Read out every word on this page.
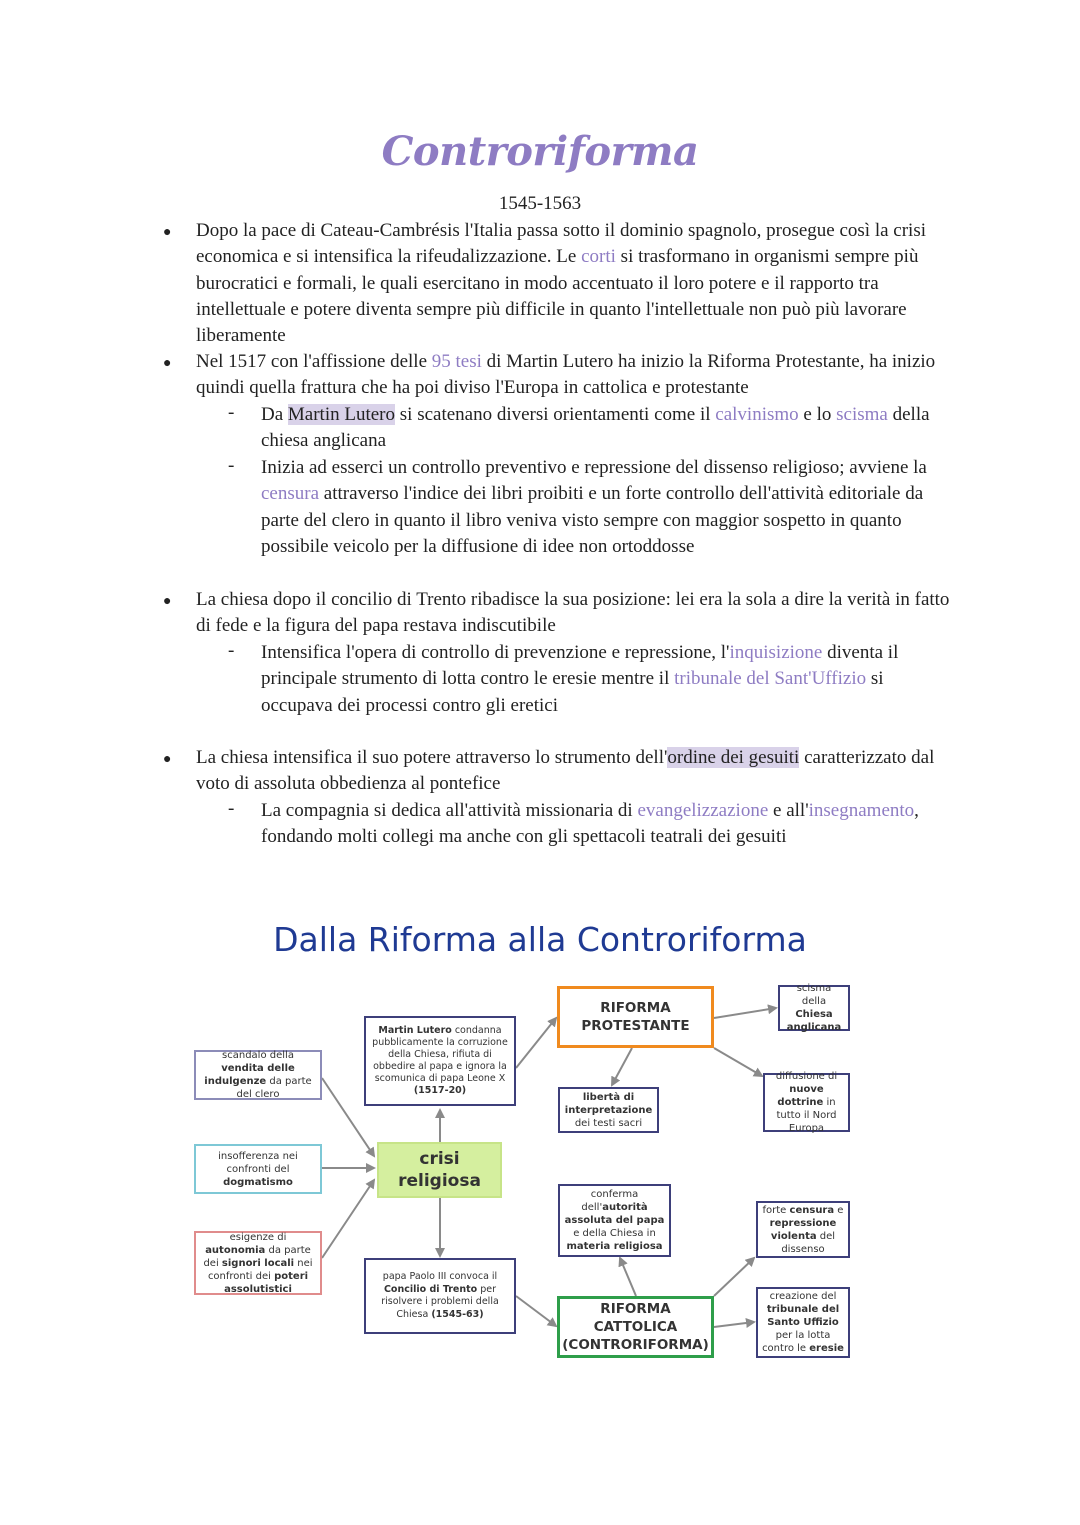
Controriforma
1545-1563
● Dopo la pace di Cateau-Cambrésis l'Italia passa sotto il dominio spagnolo, prosegue così la crisi economica e si intensifica la rifeudalizzazione. Le corti si trasformano in organismi sempre più burocratici e formali, le quali esercitano in modo accentuato il loro potere e il rapporto tra intellettuale e potere diventa sempre più difficile in quanto l'intellettuale non può più lavorare liberamente
● Nel 1517 con l'affissione delle 95 tesi di Martin Lutero ha inizio la Riforma Protestante, ha inizio quindi quella frattura che ha poi diviso l'Europa in cattolica e protestante
- Da Martin Lutero si scatenano diversi orientamenti come il calvinismo e lo scisma della chiesa anglicana
- Inizia ad esserci un controllo preventivo e repressione del dissenso religioso; avviene la censura attraverso l'indice dei libri proibiti e un forte controllo dell'attività editoriale da parte del clero in quanto il libro veniva visto sempre con maggior sospetto in quanto possibile veicolo per la diffusione di idee non ortoddosse
● La chiesa dopo il concilio di Trento ribadisce la sua posizione: lei era la sola a dire la verità in fatto di fede e la figura del papa restava indiscutibile
- Intensifica l'opera di controllo di prevenzione e repressione, l'inquisizione diventa il principale strumento di lotta contro le eresie mentre il tribunale del Sant'Uffizio si occupava dei processi contro gli eretici
● La chiesa intensifica il suo potere attraverso lo strumento dell'ordine dei gesuiti caratterizzato dal voto di assoluta obbedienza al pontefice
- La compagnia si dedica all'attività missionaria di evangelizzazione e all'insegnamento, fondando molti collegi ma anche con gli spettacoli teatrali dei gesuiti
Dalla Riforma alla Controriforma
scandalo della vendita delle indulgenze da parte del clero
insofferenza nei confronti del dogmatismo
esigenze di autonomia da parte dei signori locali nei confronti dei poteri assolutistici
crisi religiosa
Martin Lutero condanna pubblicamente la corruzione della Chiesa, rifiuta di obbedire al papa e ignora la scomunica di papa Leone X (1517-20)
papa Paolo III convoca il Concilio di Trento per risolvere i problemi della Chiesa (1545-63)
RIFORMA PROTESTANTE
scisma della Chiesa anglicana
libertà di interpretazione dei testi sacri
diffusione di nuove dottrine in tutto il Nord Europa
conferma dell'autorità assoluta del papa e della Chiesa in materia religiosa
forte censura e repressione violenta del dissenso
RIFORMA CATTOLICA (CONTRORIFORMA)
creazione del tribunale del Santo Uffizio per la lotta contro le eresie
